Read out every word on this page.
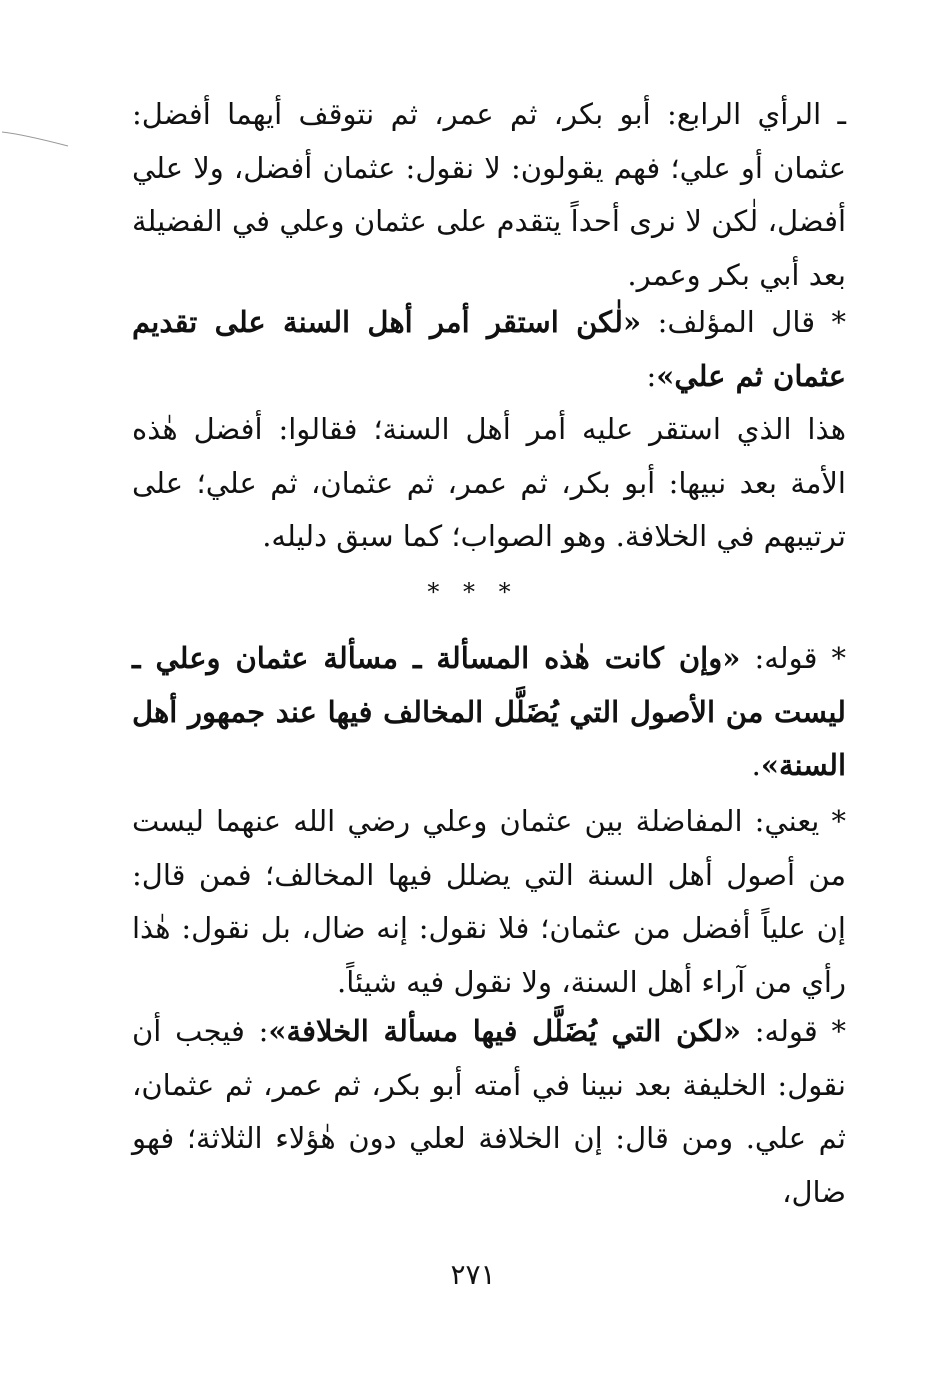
ـ الرأي الرابع: أبو بكر، ثم عمر، ثم نتوقف أيهما أفضل: عثمان أو علي؛ فهم يقولون: لا نقول: عثمان أفضل، ولا علي أفضل، لٰكن لا نرى أحداً يتقدم على عثمان وعلي في الفضيلة بعد أبي بكر وعمر.

* قال المؤلف: «لٰكن استقر أمر أهل السنة على تقديم عثمان ثم علي»:

هذا الذي استقر عليه أمر أهل السنة؛ فقالوا: أفضل هٰذه الأمة بعد نبيها: أبو بكر، ثم عمر، ثم عثمان، ثم علي؛ على ترتيبهم في الخلافة. وهو الصواب؛ كما سبق دليله.

* * *

* قوله: «وإن كانت هٰذه المسألة ـ مسألة عثمان وعلي ـ ليست من الأصول التي يُضَلَّل المخالف فيها عند جمهور أهل السنة».

* يعني: المفاضلة بين عثمان وعلي رضي الله عنهما ليست من أصول أهل السنة التي يضلل فيها المخالف؛ فمن قال: إن علياً أفضل من عثمان؛ فلا نقول: إنه ضال، بل نقول: هٰذا رأي من آراء أهل السنة، ولا نقول فيه شيئاً.

* قوله: «لكن التي يُضَلَّل فيها مسألة الخلافة»: فيجب أن نقول: الخليفة بعد نبينا في أمته أبو بكر، ثم عمر، ثم عثمان، ثم علي. ومن قال: إن الخلافة لعلي دون هٰؤلاء الثلاثة؛ فهو ضال،

٢٧١
